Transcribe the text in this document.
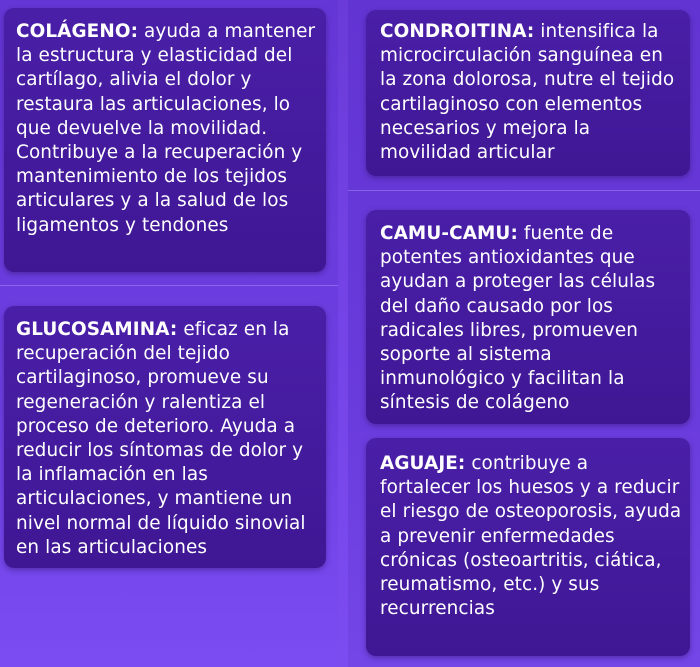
COLÁGENO: ayuda a mantener la estructura y elasticidad del cartílago, alivia el dolor y restaura las articulaciones, lo que devuelve la movilidad. Contribuye a la recuperación y mantenimiento de los tejidos articulares y a la salud de los ligamentos y tendones
GLUCOSAMINA: eficaz en la recuperación del tejido cartilaginoso, promueve su regeneración y ralentiza el proceso de deterioro. Ayuda a reducir los síntomas de dolor y la inflamación en las articulaciones, y mantiene un nivel normal de líquido sinovial en las articulaciones
CONDROITINA: intensifica la microcirculación sanguínea en la zona dolorosa, nutre el tejido cartilaginoso con elementos necesarios y mejora la movilidad articular
CAMU-CAMU: fuente de potentes antioxidantes que ayudan a proteger las células del daño causado por los radicales libres, promueven soporte al sistema inmunológico y facilitan la síntesis de colágeno
AGUAJE: contribuye a fortalecer los huesos y a reducir el riesgo de osteoporosis, ayuda a prevenir enfermedades crónicas (osteoartritis, ciática, reumatismo, etc.) y sus recurrencias
